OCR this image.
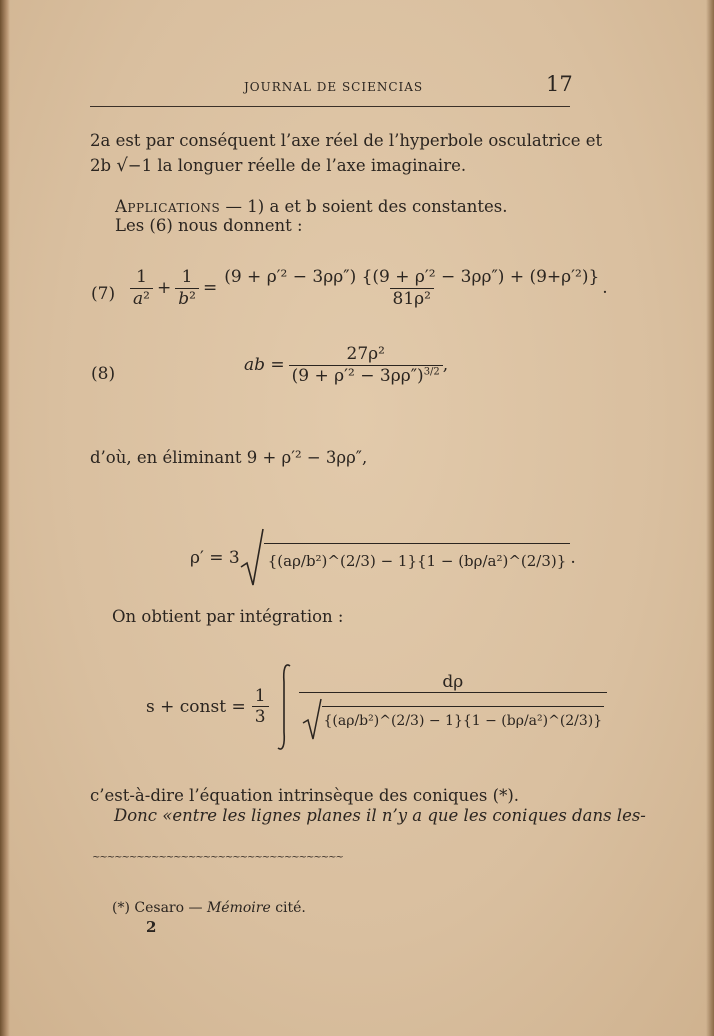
JOURNAL DE SCIENCIAS	17
2a est par conséquent l’axe réel de l’hyperbole osculatrice et
2b √−1 la longuer réelle de l’axe imaginaire.
Applications — 1) a et b soient des constantes.
Les (6) nous donnent :
$(7) \frac{1}{\text{a²}} + \frac{1}{\text{b²}} = \frac{\text{(9 + ρ′² − 3ρρ″) \{(9 + ρ′² − 3ρρ″) + (9+ρ′²)\}}}{\text{81ρ²}}$ .
(8)	ab = $\frac{\text{27ρ²}}{(9 + \rho'^2 - 3\rho\rho'')^{3/2}}$ ,
d’où, en éliminant 9 + ρ′² − 3ρρ″,
ρ′ = 3 {(aρ/b²)^(2/3) − 1}{1 − (bρ/a²)^(2/3)} .
On obtient par intégration :
s + const = $\frac{1}{3} \frac{d\rho}{\text{\{(aρ/b²)\textasciicircum{}(2/3) − 1\}\{1 − (bρ/a²)\textasciicircum{}(2/3)\}}}$
c’est-à-dire l’équation intrinsèque des coniques (*).
Donc «entre les lignes planes il n’y a que les coniques dans les-
~~~~~~~~~~~~~~~~~~~~~~~~~~~~~~~~~~
(*) Cesaro — Mémoire cité.
2
